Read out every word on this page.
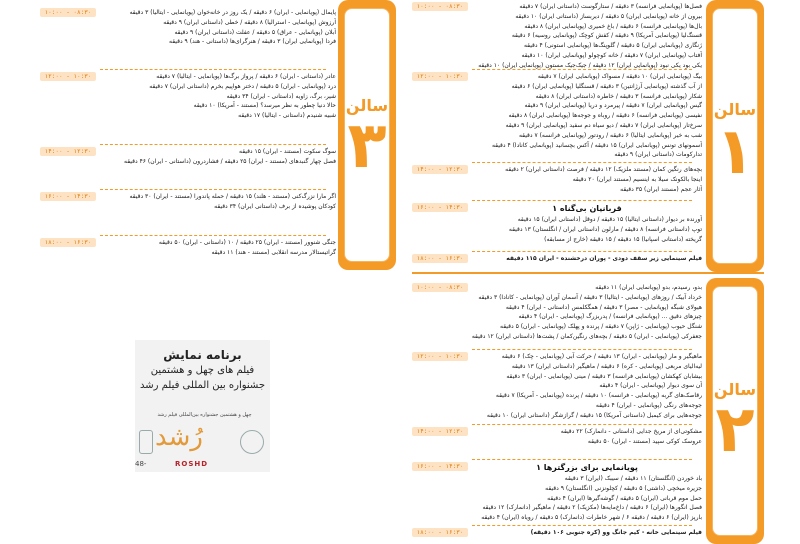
سالن
۱
۰۸:۳۰ - ۱۰:۰۰	فصل‌ها (پویانمایی فرانسه) ۳ دقیقه / ستارگوست (داستانی ایران) ۷ دقیقه
بیرون از خانه (پویانمایی ایران) ۵ دقیقه / دیربساز (داستانی ایران) ۱۰ دقیقه
بال‌ها (پویانمایی فرانسه) ۶ دقیقه / باغ خمیری (پویانمایی ایران) ۸ دقیقه
قسنگ‌لیا (پویانمایی آمریکا) ۹ دقیقه / کفش کوچک (پویانمایی روسیه) ۶ دقیقه
ژنگاری (پویانمایی ایران) ۵ دقیقه / گلوپنگ‌ها (پویانمایی استونی) ۴ دقیقه
آفتاب (پویانمایی ایران) ۷ دقیقه / خانه کوچولو (پویانمایی ایران) ۱۰ دقیقه
یکی بود یکی نبود (پویانمایی ایران) ۱۲ دقیقه / جیک‌جیک مستون (پویانمایی ایران) ۱۰ دقیقه
۱۰:۳۰ - ۱۲:۰۰	بیگ (پویانمایی ایران) ۱۰ دقیقه / مسواک (پویانمایی ایران) ۷ دقیقه
از آب گذشته (پویانمایی آرژانتین) ۳ دقیقه / قسنگلیا (پویانمایی ایران) ۶ دقیقه
شکار (پویانمایی فرانسه) ۳ دقیقه / خاطره (داستانی ایران) ۸ دقیقه
گیس (پویانمایی ایران) ۷ دقیقه / پیرمرد و دریا (پویانمایی ایران) ۹ دقیقه
نفیسی (پویانمایی فرانسه) ۶ دقیقه / روباه و جوجه‌ها (پویانمایی ایران) ۸ دقیقه
سرخ‌تار (پویانمایی ایران) ۷ دقیقه / دیو سیاه دم سفید (پویانمایی ایران) ۹ دقیقه
شب به خیر (پویانمایی ایتالیا) ۶ دقیقه / رودتور (پویانمایی فرانسه) ۷ دقیقه
آسمونهای تونس (پویانمایی ایران) ۱۵ دقیقه / آکس بچسانید (پویانمایی کانادا) ۴ دقیقه
تدارکومات (داستانی ایران) ۹ دقیقه
۱۲:۳۰ - ۱۴:۰۰	بچه‌های رنگین کمان (مستند ملزیک) ۱۲ دقیقه / فرصت (داستانی ایران) ۲ دقیقه
اینجا بالکونک سیلا به اینسیم (مستند ایران) ۲۰ دقیقه
آثار عجم (مستند ایران) ۳۵ دقیقه
۱۴:۳۰ - ۱۶:۰۰	قربانیان بی‌گناه ۱
آورنده بر دیوار (داستانی ایتالیا) ۱۵ دقیقه / دوقل (داستانی ایران) ۱۵ دقیقه
توپ (داستانی فرانسه) ۸ دقیقه / مارلون (داستانی ایران / انگلستان) ۱۳ دقیقه
گریخته (داستانی اسپانیا) ۱۵ دقیقه / ۱۵ دقیقه (خارج از مسابقه)
۱۶:۳۰ - ۱۸:۰۰	فیلم سینمایی زیر سقف دودی - پوران درخشنده - ایران ۱۱۵ دقیقه
سالن
۲
۰۸:۳۰ - ۱۰:۰۰	بدو، رسیدم، بدو (پویانمایی ایران) ۱۱ دقیقه
خرداد آبیک / روزهای (پویانمایی - ایتالیا) ۳ دقیقه / آسمان آوران (پویانمایی - کانادا) ۳ دقیقه
هیولای شبگه (پویانمایی - مصر) ۳ دقیقه / همگکلمس (داستانی - ایران) ۴ دقیقه
چیزهای دقیق ... (پویانمایی فرانسه) / پدربزرگ (پویانمایی - ایران) ۴ دقیقه
شنگل حیوب (پویانمایی - ژاپن) ۷ دقیقه / پرنده و پهلک (پویانمایی - ایران) ۵ دقیقه
جعفرکی (پویانمایی - ایران) ۵ دقیقه / بچه‌های رنگین‌کمان / پشت‌ها (داستانی ایران) ۱۲ دقیقه
۱۰:۳۰ - ۱۲:۰۰	ماهیگیر و مار (پویانمایی - ایران) ۱۳ دقیقه / حرکت آبی (پویانمایی - چک) ۶ دقیقه
لیه‌الیای مربعی (پویانمایی - کره) ۶ دقیقه / ماهیگیر (داستانی ایران) ۱۳ دقیقه
بیشابان کهکشان (پویانمایی فرانسه) ۳ دقیقه / مینی (پویانمایی - ایران) ۳ دقیقه
آن سوی دیوار (پویانمایی - ایران) ۴ دقیقه
رقاصک‌های گربه (پویانمایی - فرانسه) ۱۰ دقیقه / پرنده (پویانمایی - آمریکا) ۷ دقیقه
جوجه‌های رنگی (پویانمایی - ایران) ۴ دقیقه
جوجه‌هایی برای کیمبل (داستانی آمریکا) ۱۵ دقیقه / گرازشگر (داستانی ایران) ۱۰ دقیقه
۱۲:۳۰ - ۱۴:۰۰	مشکوتی‌ای از مریخ جدایی (داستانی - دانمارک) ۲۲ دقیقه
عروسک کوکی سپید (مستند - ایران) ۵۰ دقیقه
۱۴:۳۰ - ۱۶:۰۰	پویانمایی برای بزرگترها ۱
باد خوردن (انگلستان) ۱۱ دقیقه / سیبک (ایران) ۳ دقیقه
جزیره میخچی (داشتی) ۵ دقیقه / کچلونزنی (انگلستان) ۹ دقیقه
حمل موم قربانی (ایران) ۵ دقیقه / گوشه‌گیرها (ایران) ۴ دقیقه
فصل انگورها (ایران) ۶ دقیقه / داخ‌مایه‌ها (مکزیک) ۲ دقیقه / ماهیگیر (دانمارک) ۱۲ دقیقه
بارپز (ایران) ۶ دقیقه / دقیقه ۶ / شهر خاطرات (دانمارک) ۵ دقیقه / رویاه (ایران) ۴ دقیقه
۱۶:۳۰ - ۱۸:۰۰	فیلم سینمایی خانه - کیم جانگ وو (کره جنوبی ۱۰۶ دقیقه)
سالن
۳
۰۸:۳۰ - ۱۰:۰۰	پایمال (پویانمایی - ایران) ۶ دقیقه / یک روز در خانه‌خوان (پویانمایی - ایتالیا) ۳ دقیقه
آرزوش (پویانمایی - استرالیا) ۸ دقیقه / خطی (داستانی ایران) ۹ دقیقه
آبلان (پویانمایی - عراق) ۵ دقیقه / عفلت (داستانی ایران) ۹ دقیقه
فردا (پویانمایی ایران) ۳ دقیقه / هنرگرای‌ها (داستانی - هند) ۹ دقیقه
۱۰:۳۰ - ۱۲:۰۰	عادر (داستانی - ایران) ۶ دقیقه / پرواز برگ‌ها (پویانمایی - ایتالیا) ۷ دقیقه
درد (پویانمایی - ایران) ۵ دقیقه / دختر هواپیم بخرم (داستانی ایران) ۷ دقیقه
شیر، برگ، زاویه (داستانی - ایران) ۳۴ دقیقه
حالا دنیا چطور به نظر میرسد؟ (مستند - آمریکا) ۱۰ دقیقه
شبیه شنیدم (داستانی - ایتالیا) ۱۷ دقیقه
۱۲:۳۰ - ۱۴:۰۰	سوگ سکوت (مستند - ایران) ۱۵ دقیقه
فصل چهار گنبدهای (مستند - ایران) ۲۵ دقیقه / فشاردرون (داستانی - ایران) ۴۶ دقیقه
۱۴:۳۰ - ۱۶:۰۰	اگر مارا نزرگ‌کنی (مستند - هلند) ۱۵ دقیقه / حمله پاندورا (مستند - ایران) ۳۰ دقیقه
کودکان پوشیده از برف (داستانی ایران) ۳۴ دقیقه
۱۶:۳۰ - ۱۸:۰۰	جنگی شنوور (مستند - ایران) ۲۵ دقیقه / ۱۰ (داستانی - ایران) ۵۰ دقیقه
گراتیستالار مدرسه انقلابی (مستند - هند) ۱۱ دقیقه
برنامه نمایش
فیلم های چهل و هشتمین
جشنواره بین المللی فیلم رشد
چهل و هشتمین جشنواره بین‌المللی فیلم رشد
رُشد
48-	ROSHD
